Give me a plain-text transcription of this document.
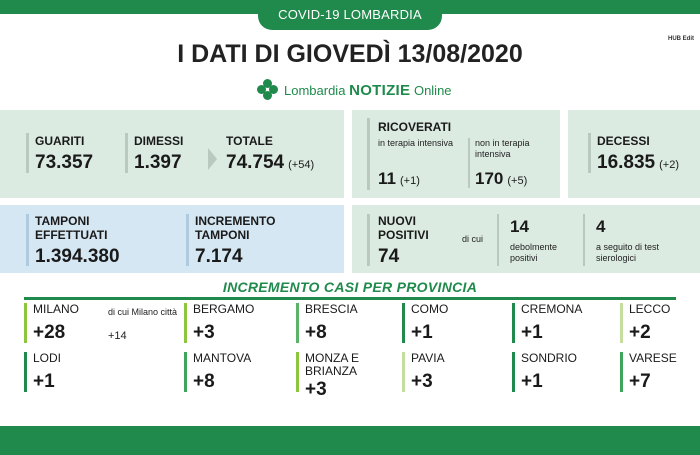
COVID-19 LOMBARDIA
HUB Edit
I DATI DI GIOVEDÌ 13/08/2020
Lombardia NOTIZIE Online
GUARITI
73.357
DIMESSI
1.397
TOTALE
74.754 (+54)
RICOVERATI
in terapia intensiva
11 (+1)
non in terapia intensiva
170 (+5)
DECESSI
16.835 (+2)
TAMPONI EFFETTUATI
1.394.380
INCREMENTO TAMPONI
7.174
NUOVI POSITIVI
74
di cui
14
debolmente positivi
4
a seguito di test sierologici
INCREMENTO CASI PER PROVINCIA
MILANO
+28
BERGAMO
+3
BRESCIA
+8
COMO
+1
CREMONA
+1
LECCO
+2
LODI
+1
MANTOVA
+8
MONZA E BRIANZA
+3
PAVIA
+3
SONDRIO
+1
VARESE
+7
di cui Milano città
+14
